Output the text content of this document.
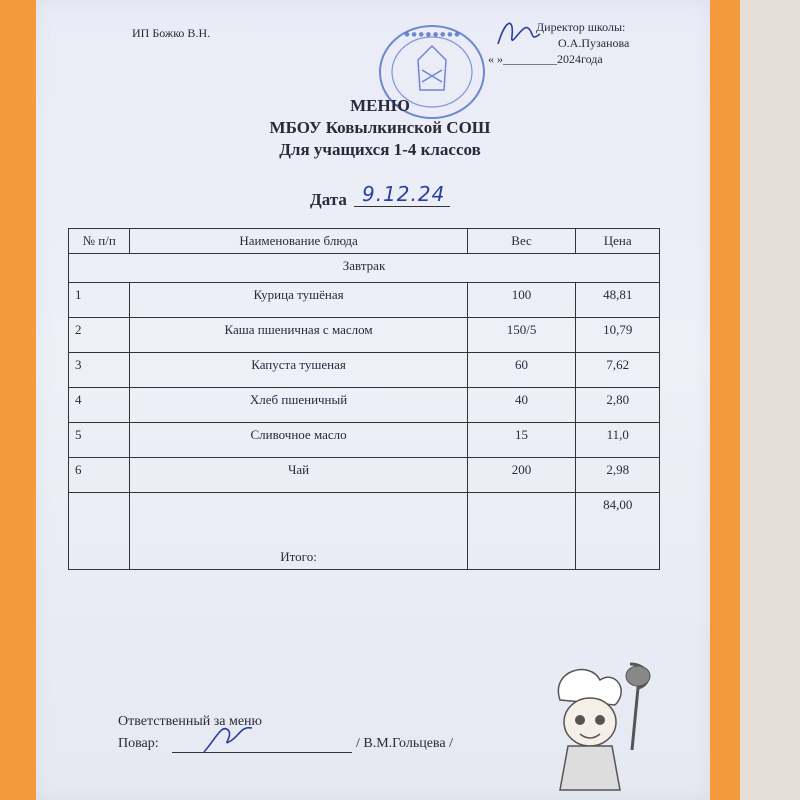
ИП Божко В.Н.	Директор школы:
О.А.Пузанова
« »_________2024года
● ● ● ● ● ● ● ●
МЕНЮ
МБОУ Ковылкинской СОШ
Для учащихся 1-4 классов
Дата 9.12.24
№ п/п	Наименование блюда	Вес	Цена
Завтрак			
1	Курица тушёная	100	48,81
2	Каша пшеничная с маслом	150/5	10,79
3	Капуста тушеная	60	7,62
4	Хлеб пшеничный	40	2,80
5	Сливочное масло	15	11,0
6	Чай	200	2,98
	Итого:		84,00
Ответственный за меню
Повар:	/ В.М.Гольцева /
